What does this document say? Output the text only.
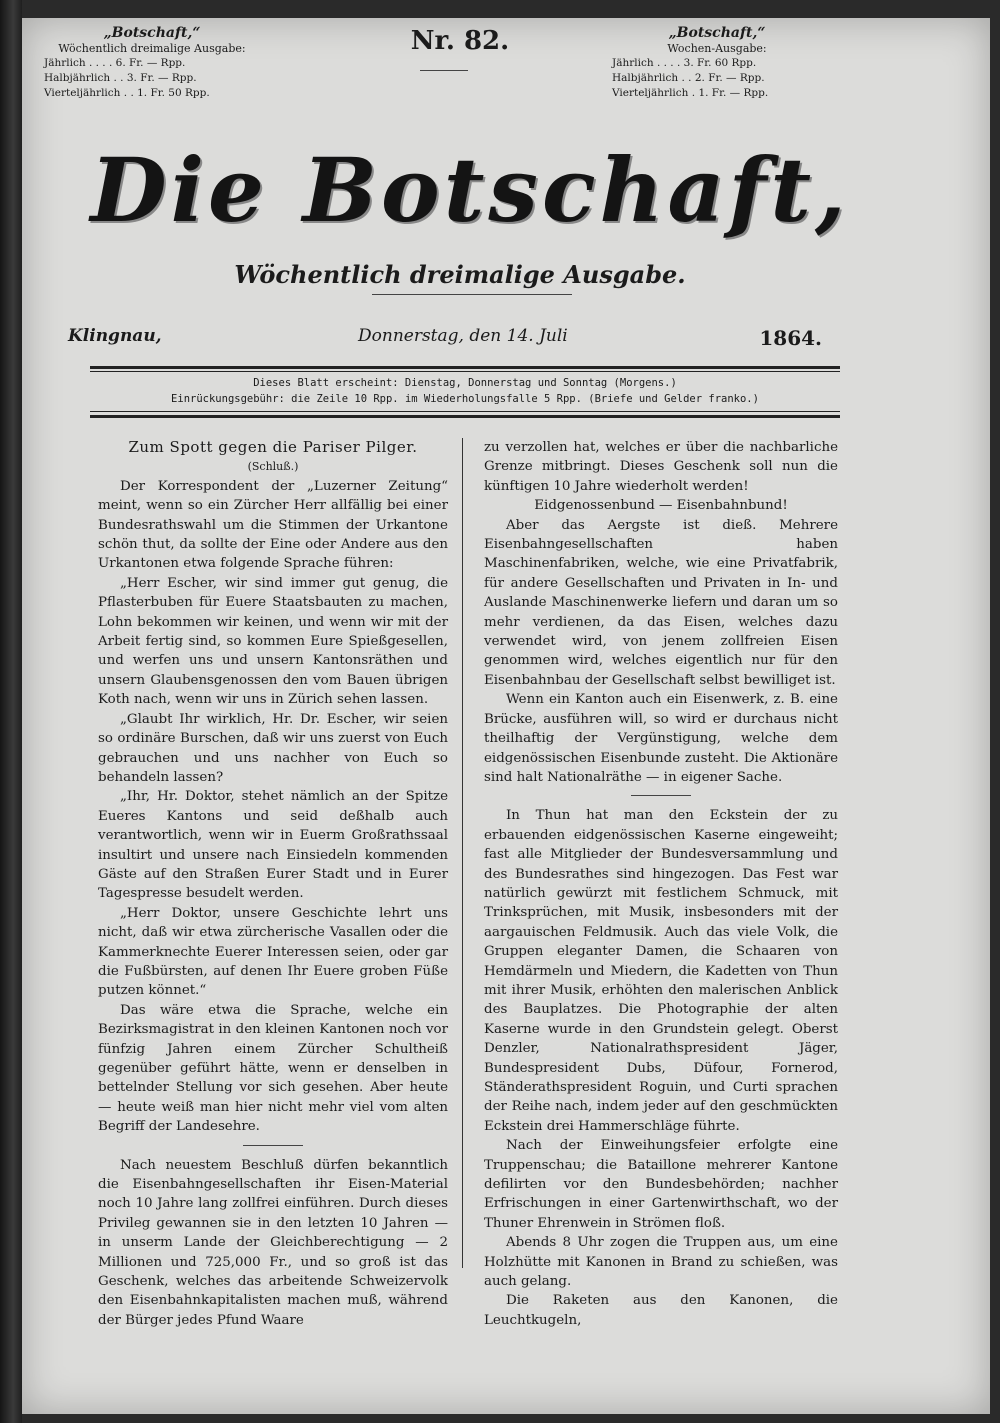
„Botschaft,“
Wöchentlich dreimalige Ausgabe:
Jährlich . . . . 6. Fr. — Rpp.
Halbjährlich . . 3. Fr. — Rpp.
Vierteljährlich . . 1. Fr. 50 Rpp.
Nr. 82.	„Botschaft,“
Wochen-Ausgabe:
Jährlich . . . . 3. Fr. 60 Rpp.
Halbjährlich . . 2. Fr. — Rpp.
Vierteljährlich . 1. Fr. — Rpp.
Die Botschaft,
Wöchentlich dreimalige Ausgabe.
Klingnau,	Donnerstag, den 14. Juli	1864.
Dieses Blatt erscheint: Dienstag, Donnerstag und Sonntag (Morgens.)
Einrückungsgebühr: die Zeile 10 Rpp. im Wiederholungsfalle 5 Rpp. (Briefe und Gelder franko.)

Zum Spott gegen die Pariser Pilger.

(Schluß.)

Der Korrespondent der „Luzerner Zeitung“ meint, wenn so ein Zürcher Herr allfällig bei einer Bundesrathswahl um die Stimmen der Urkantone schön thut, da sollte der Eine oder Andere aus den Urkantonen etwa folgende Sprache führen:

„Herr Escher, wir sind immer gut genug, die Pflasterbuben für Euere Staatsbauten zu machen, Lohn bekommen wir keinen, und wenn wir mit der Arbeit fertig sind, so kommen Eure Spießgesellen, und werfen uns und unsern Kantonsräthen und unsern Glaubensgenossen den vom Bauen übrigen Koth nach, wenn wir uns in Zürich sehen lassen.

„Glaubt Ihr wirklich, Hr. Dr. Escher, wir seien so ordinäre Burschen, daß wir uns zuerst von Euch gebrauchen und uns nachher von Euch so behandeln lassen?

„Ihr, Hr. Doktor, stehet nämlich an der Spitze Eueres Kantons und seid deßhalb auch verantwortlich, wenn wir in Euerm Großrathssaal insultirt und unsere nach Einsiedeln kommenden Gäste auf den Straßen Eurer Stadt und in Eurer Tagespresse besudelt werden.

„Herr Doktor, unsere Geschichte lehrt uns nicht, daß wir etwa zürcherische Vasallen oder die Kammerknechte Euerer Interessen seien, oder gar die Fußbürsten, auf denen Ihr Euere groben Füße putzen könnet.“

Das wäre etwa die Sprache, welche ein Bezirksmagistrat in den kleinen Kantonen noch vor fünfzig Jahren einem Zürcher Schultheiß gegenüber geführt hätte, wenn er denselben in bettelnder Stellung vor sich gesehen. Aber heute — heute weiß man hier nicht mehr viel vom alten Begriff der Landesehre.

Nach neuestem Beschluß dürfen bekanntlich die Eisenbahngesellschaften ihr Eisen-Material noch 10 Jahre lang zollfrei einführen. Durch dieses Privileg gewannen sie in den letzten 10 Jahren — in unserm Lande der Gleichberechtigung — 2 Millionen und 725,000 Fr., und so groß ist das Geschenk, welches das arbeitende Schweizervolk den Eisenbahnkapitalisten machen muß, während der Bürger jedes Pfund Waare

zu verzollen hat, welches er über die nachbarliche Grenze mitbringt. Dieses Geschenk soll nun die künftigen 10 Jahre wiederholt werden!

Eidgenossenbund — Eisenbahnbund!

Aber das Aergste ist dieß. Mehrere Eisenbahngesellschaften haben Maschinenfabriken, welche, wie eine Privatfabrik, für andere Gesellschaften und Privaten in In- und Auslande Maschinenwerke liefern und daran um so mehr verdienen, da das Eisen, welches dazu verwendet wird, von jenem zollfreien Eisen genommen wird, welches eigentlich nur für den Eisenbahnbau der Gesellschaft selbst bewilliget ist.

Wenn ein Kanton auch ein Eisenwerk, z. B. eine Brücke, ausführen will, so wird er durchaus nicht theilhaftig der Vergünstigung, welche dem eidgenössischen Eisenbunde zusteht. Die Aktionäre sind halt Nationalräthe — in eigener Sache.

In Thun hat man den Eckstein der zu erbauenden eidgenössischen Kaserne eingeweiht; fast alle Mitglieder der Bundesversammlung und des Bundesrathes sind hingezogen. Das Fest war natürlich gewürzt mit festlichem Schmuck, mit Trinksprüchen, mit Musik, insbesonders mit der aargauischen Feldmusik. Auch das viele Volk, die Gruppen eleganter Damen, die Schaaren von Hemdärmeln und Miedern, die Kadetten von Thun mit ihrer Musik, erhöhten den malerischen Anblick des Bauplatzes. Die Photographie der alten Kaserne wurde in den Grundstein gelegt. Oberst Denzler, Nationalrathspresident Jäger, Bundespresident Dubs, Düfour, Fornerod, Ständerathspresident Roguin, und Curti sprachen der Reihe nach, indem jeder auf den geschmückten Eckstein drei Hammerschläge führte.

Nach der Einweihungsfeier erfolgte eine Truppenschau; die Bataillone mehrerer Kantone defilirten vor den Bundesbehörden; nachher Erfrischungen in einer Gartenwirthschaft, wo der Thuner Ehrenwein in Strömen floß.

Abends 8 Uhr zogen die Truppen aus, um eine Holzhütte mit Kanonen in Brand zu schießen, was auch gelang.

Die Raketen aus den Kanonen, die Leuchtkugeln,
